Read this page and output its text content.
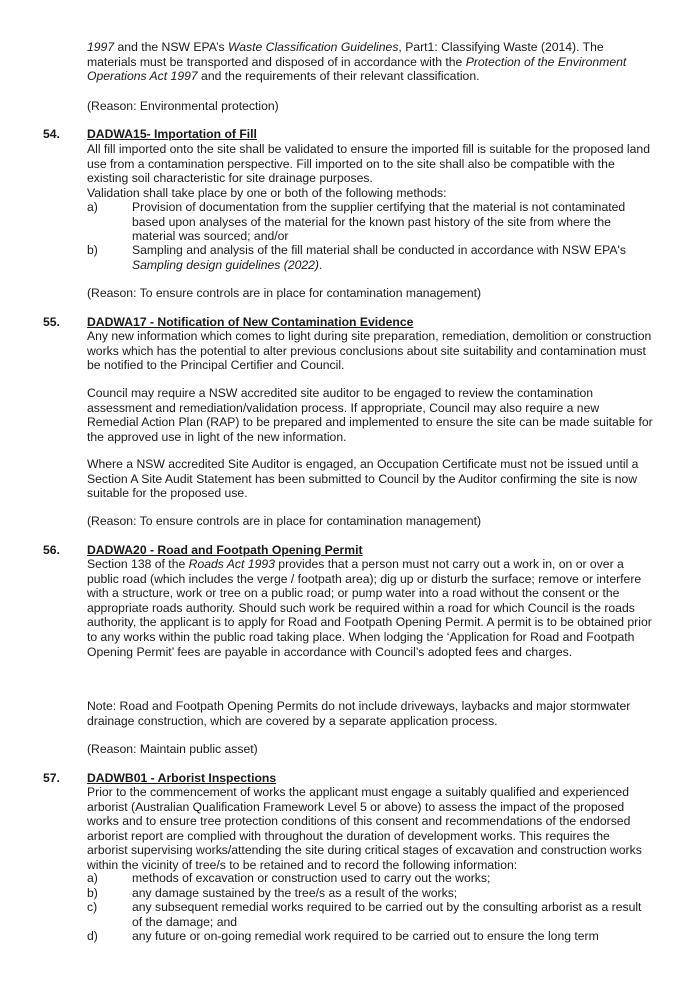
1997 and the NSW EPA’s Waste Classification Guidelines, Part1: Classifying Waste (2014). The materials must be transported and disposed of in accordance with the Protection of the Environment Operations Act 1997 and the requirements of their relevant classification.

(Reason: Environmental protection)

54. DADWA15- Importation of Fill

All fill imported onto the site shall be validated to ensure the imported fill is suitable for the proposed land use from a contamination perspective. Fill imported on to the site shall also be compatible with the existing soil characteristic for site drainage purposes.

Validation shall take place by one or both of the following methods:

a)	Provision of documentation from the supplier certifying that the material is not contaminated based upon analyses of the material for the known past history of the site from where the material was sourced; and/or

b)	Sampling and analysis of the fill material shall be conducted in accordance with NSW EPA's Sampling design guidelines (2022).

(Reason: To ensure controls are in place for contamination management)

55. DADWA17 - Notification of New Contamination Evidence

Any new information which comes to light during site preparation, remediation, demolition or construction works which has the potential to alter previous conclusions about site suitability and contamination must be notified to the Principal Certifier and Council.

Council may require a NSW accredited site auditor to be engaged to review the contamination assessment and remediation/validation process. If appropriate, Council may also require a new Remedial Action Plan (RAP) to be prepared and implemented to ensure the site can be made suitable for the approved use in light of the new information.

Where a NSW accredited Site Auditor is engaged, an Occupation Certificate must not be issued until a Section A Site Audit Statement has been submitted to Council by the Auditor confirming the site is now suitable for the proposed use.

(Reason: To ensure controls are in place for contamination management)

56. DADWA20 - Road and Footpath Opening Permit

Section 138 of the Roads Act 1993 provides that a person must not carry out a work in, on or over a public road (which includes the verge / footpath area); dig up or disturb the surface; remove or interfere with a structure, work or tree on a public road; or pump water into a road without the consent or the appropriate roads authority. Should such work be required within a road for which Council is the roads authority, the applicant is to apply for Road and Footpath Opening Permit. A permit is to be obtained prior to any works within the public road taking place. When lodging the ‘Application for Road and Footpath Opening Permit’ fees are payable in accordance with Council’s adopted fees and charges.

Note: Road and Footpath Opening Permits do not include driveways, laybacks and major stormwater drainage construction, which are covered by a separate application process.

(Reason: Maintain public asset)

57. DADWB01 - Arborist Inspections

Prior to the commencement of works the applicant must engage a suitably qualified and experienced arborist (Australian Qualification Framework Level 5 or above) to assess the impact of the proposed works and to ensure tree protection conditions of this consent and recommendations of the endorsed arborist report are complied with throughout the duration of development works. This requires the arborist supervising works/attending the site during critical stages of excavation and construction works within the vicinity of tree/s to be retained and to record the following information:

a)	methods of excavation or construction used to carry out the works;

b)	any damage sustained by the tree/s as a result of the works;

c)	any subsequent remedial works required to be carried out by the consulting arborist as a result of the damage; and

d)	any future or on-going remedial work required to be carried out to ensure the long term
